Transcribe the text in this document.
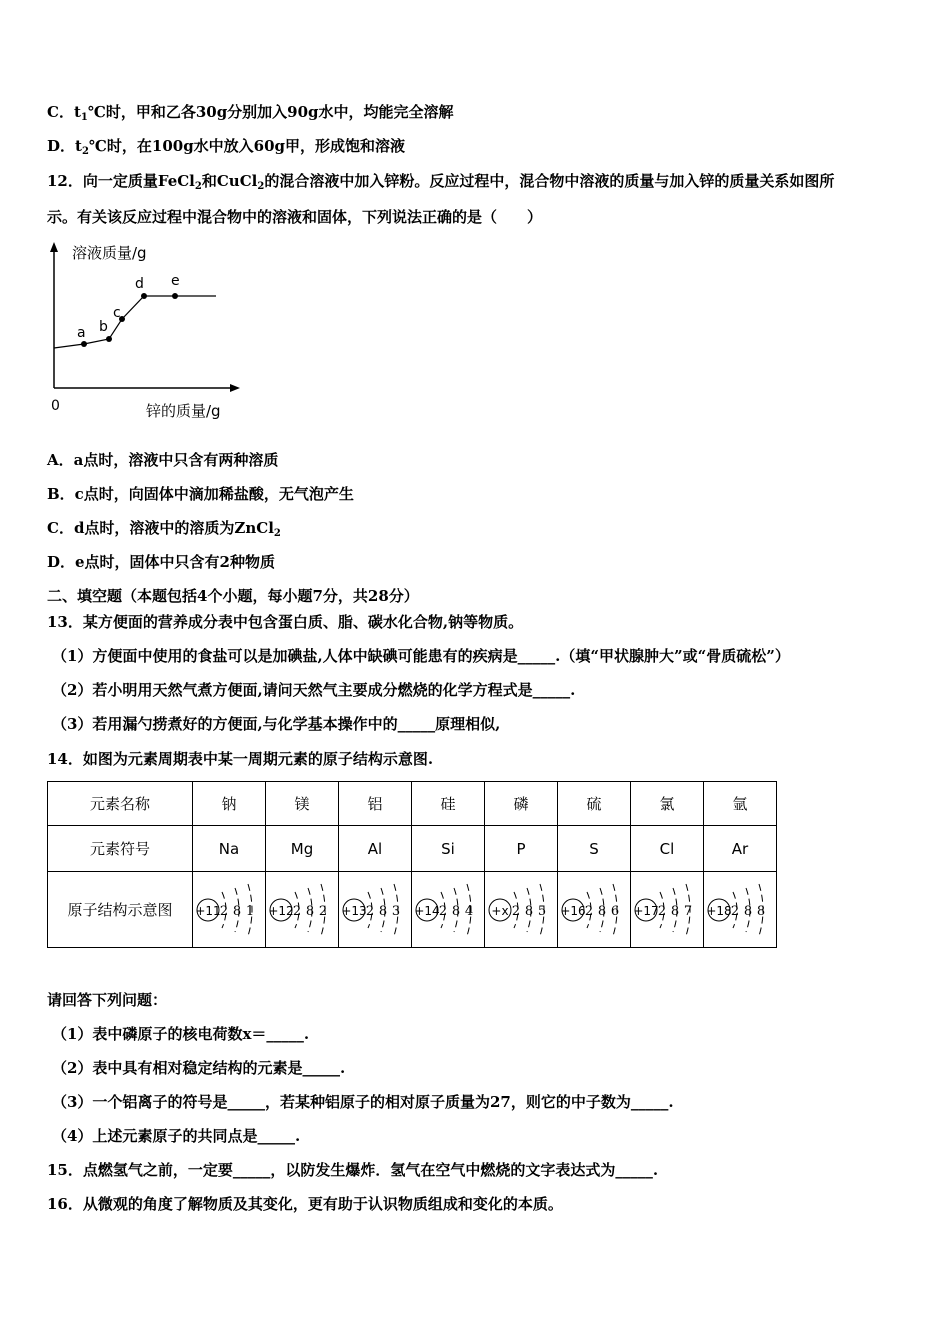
C．$t_1℃$时，甲和乙各30g分别加入90g水中，均能完全溶解
D．$t_2℃$时，在100g水中放入60g甲，形成饱和溶液
12．向一定质量FeCl$_2$和CuCl$_2$的混合溶液中加入锌粉。反应过程中，混合物中溶液的质量与加入锌的质量关系如图所
示。有关该反应过程中混合物中的溶液和固体，下列说法正确的是（　　）
溶液质量/g
锌的质量/g
0
a b
c
d e
A．a点时，溶液中只含有两种溶质
B．c点时，向固体中滴加稀盐酸，无气泡产生
C．d点时，溶液中的溶质为ZnCl$_2$
D．e点时，固体中只含有2种物质
二、填空题（本题包括4个小题，每小题7分，共28分）
13．某方便面的营养成分表中包含蛋白质、脂、碳水化合物,钠等物质。
（1）方便面中使用的食盐可以是加碘盐,人体中缺碘可能患有的疾病是_____.（填“甲状腺肿大”或“骨质硫松”）
（2）若小明用天然气煮方便面,请问天然气主要成分燃烧的化学方程式是_____.
（3）若用漏勺捞煮好的方便面,与化学基本操作中的_____原理相似,
14．如图为元素周期表中某一周期元素的原子结构示意图.
元素名称	钠	镁	铝	硅	磷	硫	氯	氩
元素符号	Na	Mg	Al	Si	P	S	Cl	Ar
原子结构示意图	+11 2 8 1	+12 2 8 2	+13 2 8 3	+14 2 8 4	+x 2 8 5	+16 2 8 6	+17 2 8 7	+18 2 8 8
请回答下列问题：
（1）表中磷原子的核电荷数x＝_____.
（2）表中具有相对稳定结构的元素是_____.
（3）一个铝离子的符号是_____，若某种铝原子的相对原子质量为27，则它的中子数为_____.
（4）上述元素原子的共同点是_____.
15．点燃氢气之前，一定要_____，以防发生爆炸．氢气在空气中燃烧的文字表达式为_____.
16．从微观的角度了解物质及其变化，更有助于认识物质组成和变化的本质。
